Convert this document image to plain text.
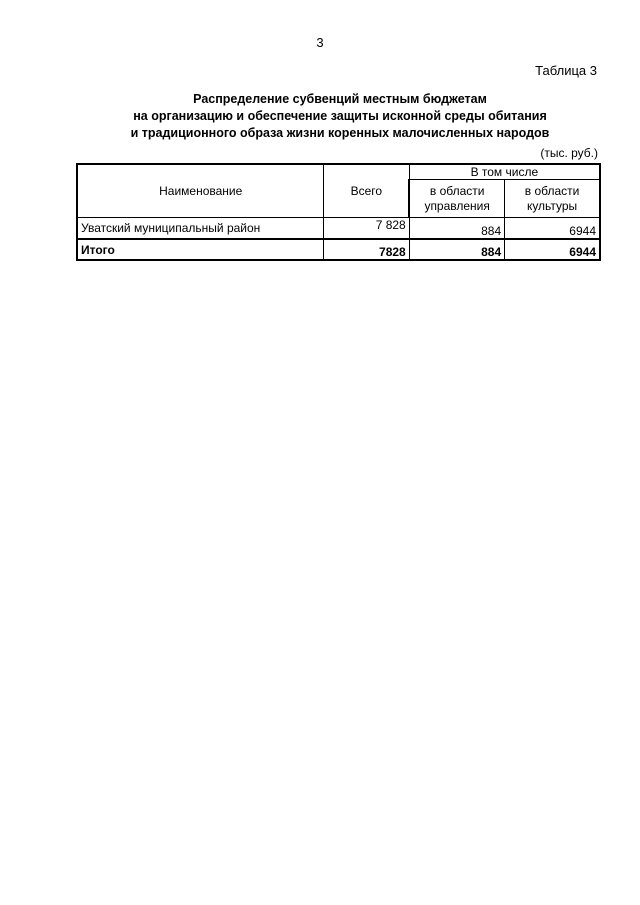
3
Таблица 3
Распределение субвенций местным бюджетам
на организацию и обеспечение защиты исконной среды обитания
и традиционного образа жизни коренных малочисленных народов
(тыс. руб.)
Наименование	Всего	В том числе	
		в области управления	в области культуры
Уватский муниципальный район	7 828	884	6944
Итого	7828	884	6944
